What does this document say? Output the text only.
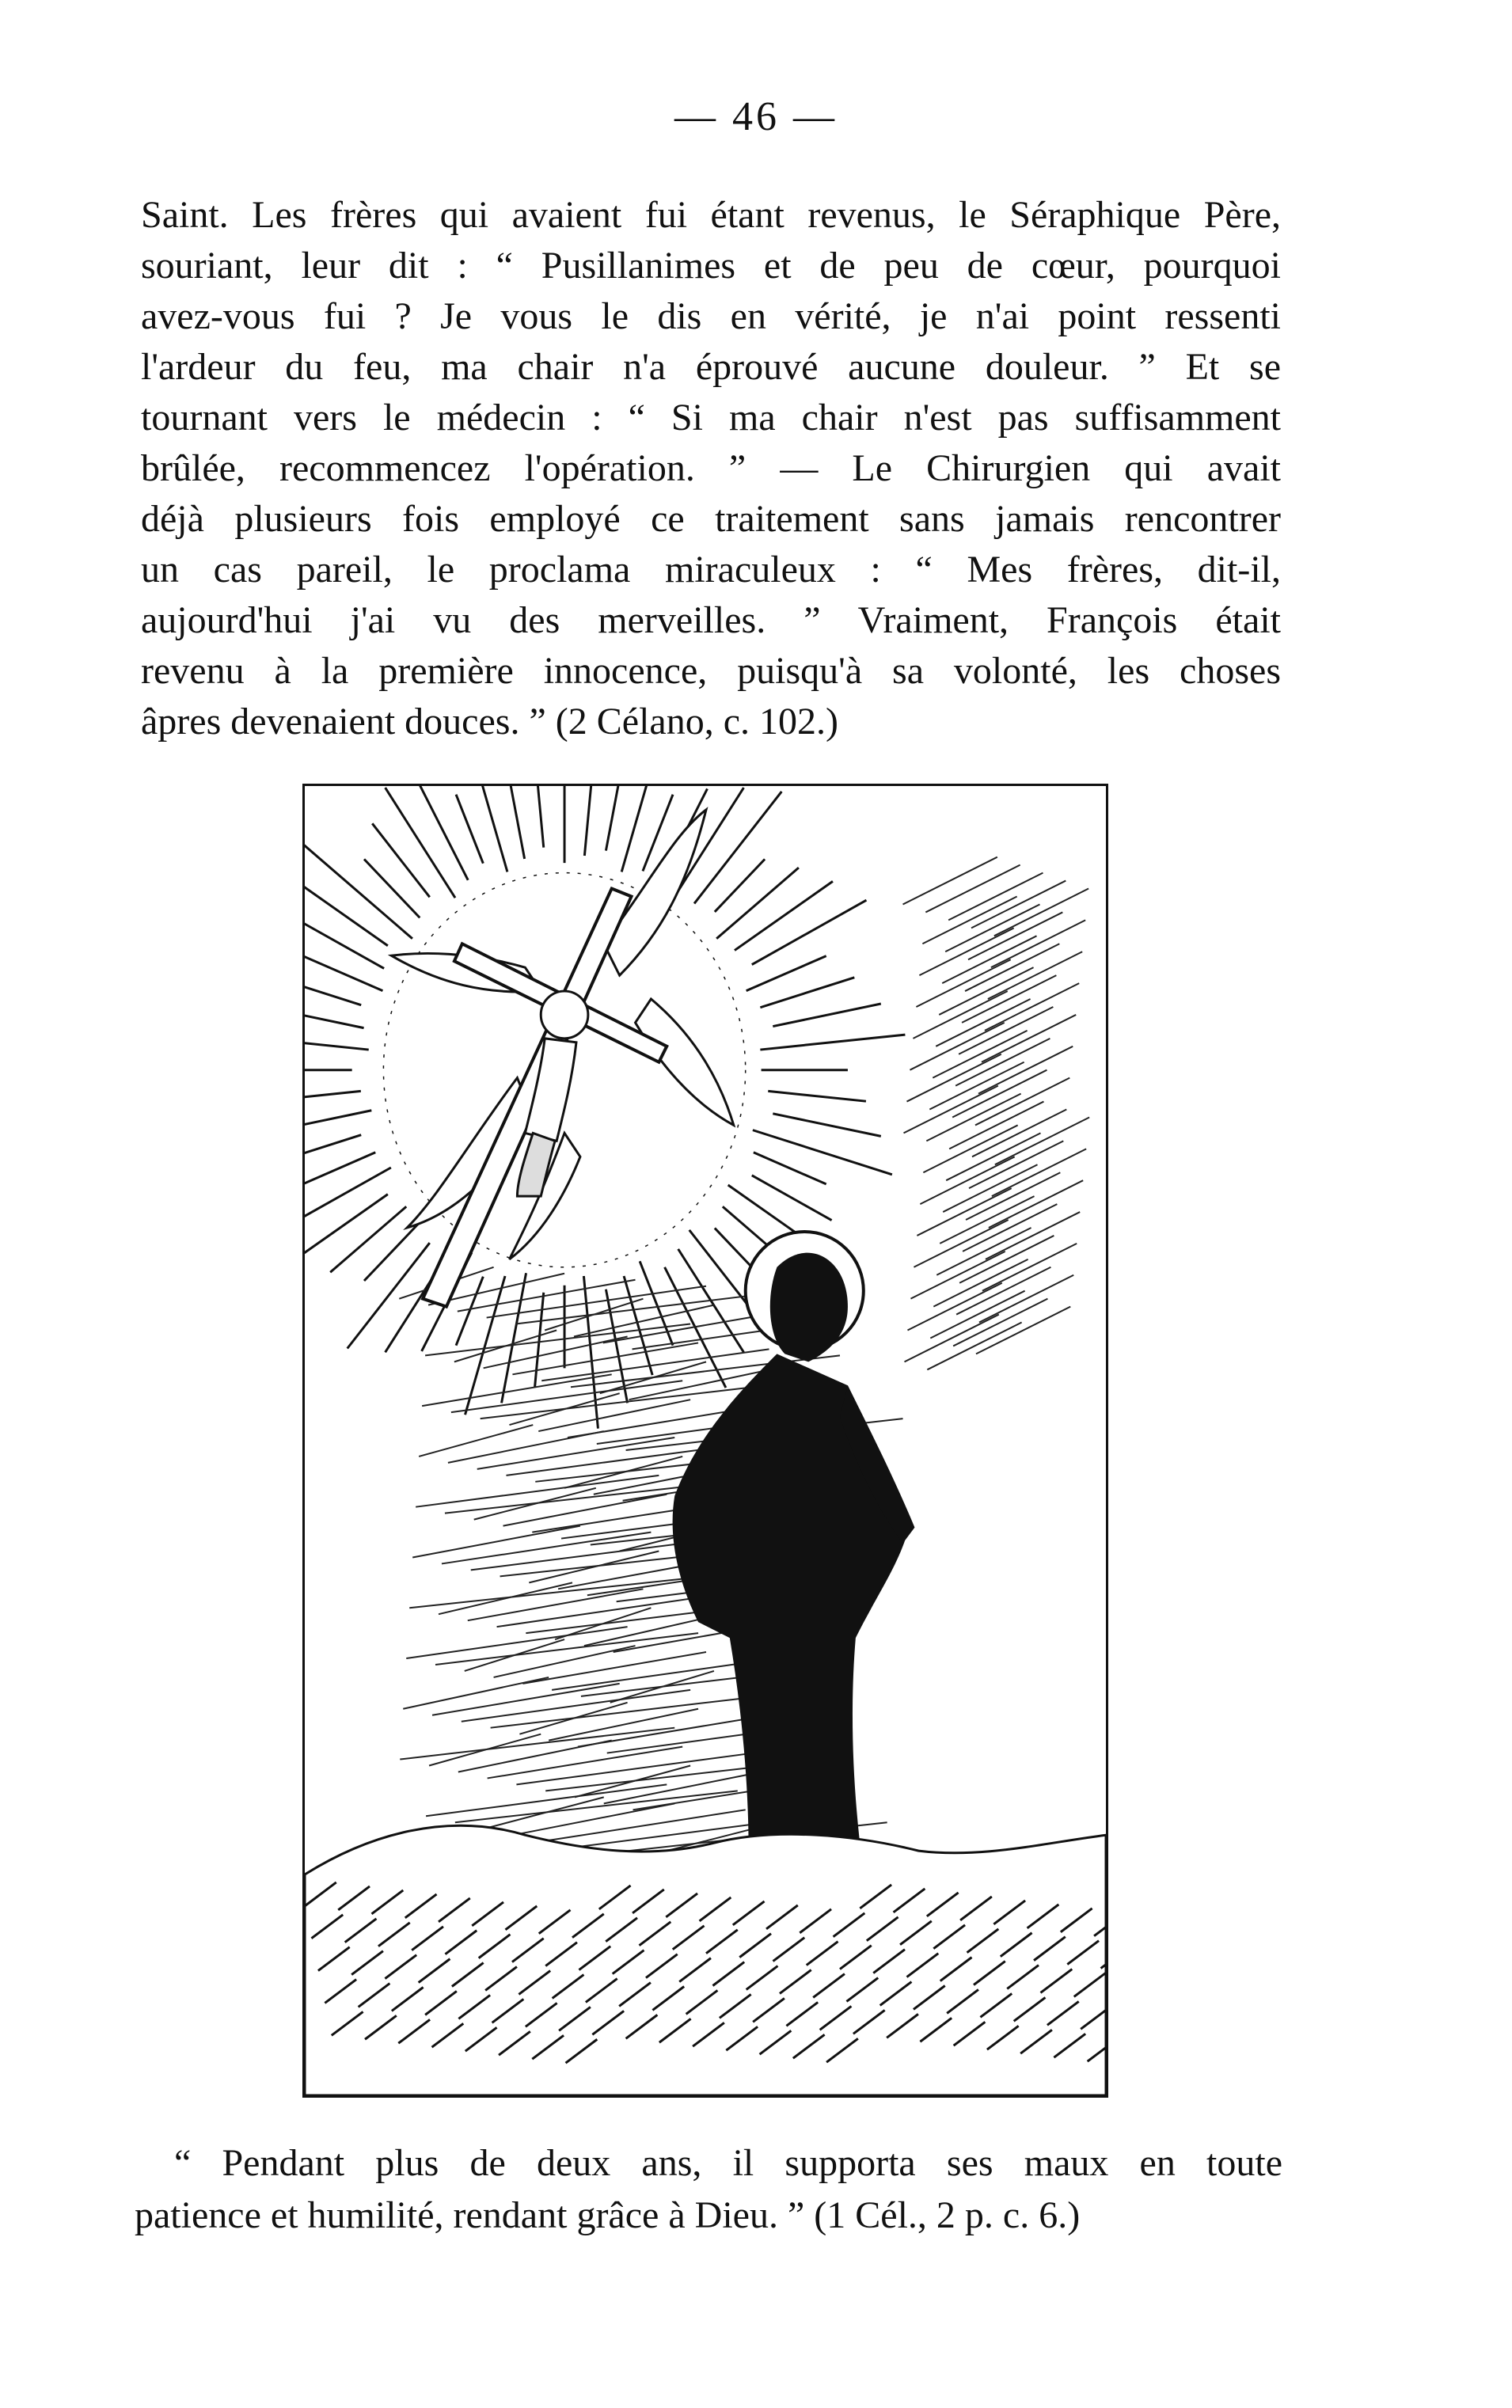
— 46 —
Saint. Les frères qui avaient fui étant revenus, le Séraphique Père,
souriant, leur dit : “ Pusillanimes et de peu de cœur, pourquoi
avez-vous fui ? Je vous le dis en vérité, je n'ai point ressenti
l'ardeur du feu, ma chair n'a éprouvé aucune douleur. ” Et se
tournant vers le médecin : “ Si ma chair n'est pas suffisamment
brûlée, recommencez l'opération. ” — Le Chirurgien qui avait
déjà plusieurs fois employé ce traitement sans jamais rencontrer
un cas pareil, le proclama miraculeux : “ Mes frères, dit-il,
aujourd'hui j'ai vu des merveilles. ” Vraiment, François était
revenu à la première innocence, puisqu'à sa volonté, les choses
âpres devenaient douces. ” (2 Célano, c. 102.)
“ Pendant plus de deux ans, il supporta ses maux en toute
patience et humilité, rendant grâce à Dieu. ” (1 Cél., 2 p. c. 6.)
